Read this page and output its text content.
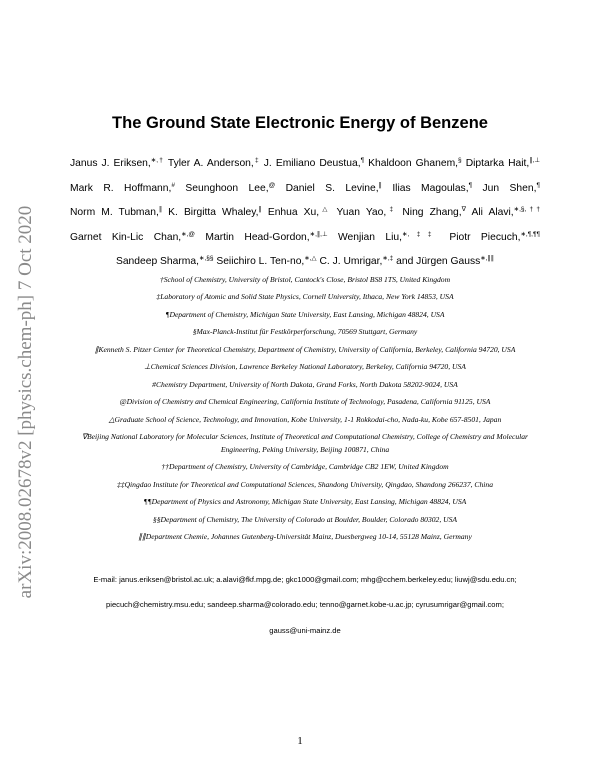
arXiv:2008.02678v2 [physics.chem-ph] 7 Oct 2020
The Ground State Electronic Energy of Benzene
Janus J. Eriksen,∗,† Tyler A. Anderson,‡ J. Emiliano Deustua,¶ Khaldoon Ghanem,§ Diptarka Hait,∥,⊥ Mark R. Hoffmann,# Seunghoon Lee,@ Daniel S. Levine,∥ Ilias Magoulas,¶ Jun Shen,¶ Norm M. Tubman,∥ K. Birgitta Whaley,∥ Enhua Xu,△ Yuan Yao,‡ Ning Zhang,∇ Ali Alavi,∗,§,†† Garnet Kin-Lic Chan,∗,@ Martin Head-Gordon,∗,∥,⊥ Wenjian Liu,∗,‡‡ Piotr Piecuch,∗,¶,¶¶ Sandeep Sharma,∗,§§ Seiichiro L. Ten-no,∗,△ C. J. Umrigar,∗,‡ and Jürgen Gauss∗,∥∥
†School of Chemistry, University of Bristol, Cantock's Close, Bristol BS8 1TS, United Kingdom
‡Laboratory of Atomic and Solid State Physics, Cornell University, Ithaca, New York 14853, USA
¶Department of Chemistry, Michigan State University, East Lansing, Michigan 48824, USA
§Max-Planck-Institut für Festkörperforschung, 70569 Stuttgart, Germany
∥Kenneth S. Pitzer Center for Theoretical Chemistry, Department of Chemistry, University of California, Berkeley, California 94720, USA
⊥Chemical Sciences Division, Lawrence Berkeley National Laboratory, Berkeley, California 94720, USA
#Chemistry Department, University of North Dakota, Grand Forks, North Dakota 58202-9024, USA
@Division of Chemistry and Chemical Engineering, California Institute of Technology, Pasadena, California 91125, USA
△Graduate School of Science, Technology, and Innovation, Kobe University, 1-1 Rokkodai-cho, Nada-ku, Kobe 657-8501, Japan
∇Beijing National Laboratory for Molecular Sciences, Institute of Theoretical and Computational Chemistry, College of Chemistry and Molecular Engineering, Peking University, Beijing 100871, China
††Department of Chemistry, University of Cambridge, Cambridge CB2 1EW, United Kingdom
‡‡Qingdao Institute for Theoretical and Computational Sciences, Shandong University, Qingdao, Shandong 266237, China
¶¶Department of Physics and Astronomy, Michigan State University, East Lansing, Michigan 48824, USA
§§Department of Chemistry, The University of Colorado at Boulder, Boulder, Colorado 80302, USA
∥∥Department Chemie, Johannes Gutenberg-Universität Mainz, Duesbergweg 10-14, 55128 Mainz, Germany
E-mail: janus.eriksen@bristol.ac.uk; a.alavi@fkf.mpg.de; gkc1000@gmail.com; mhg@cchem.berkeley.edu; liuwj@sdu.edu.cn;
piecuch@chemistry.msu.edu; sandeep.sharma@colorado.edu; tenno@garnet.kobe-u.ac.jp; cyrusumrigar@gmail.com;
gauss@uni-mainz.de
1
